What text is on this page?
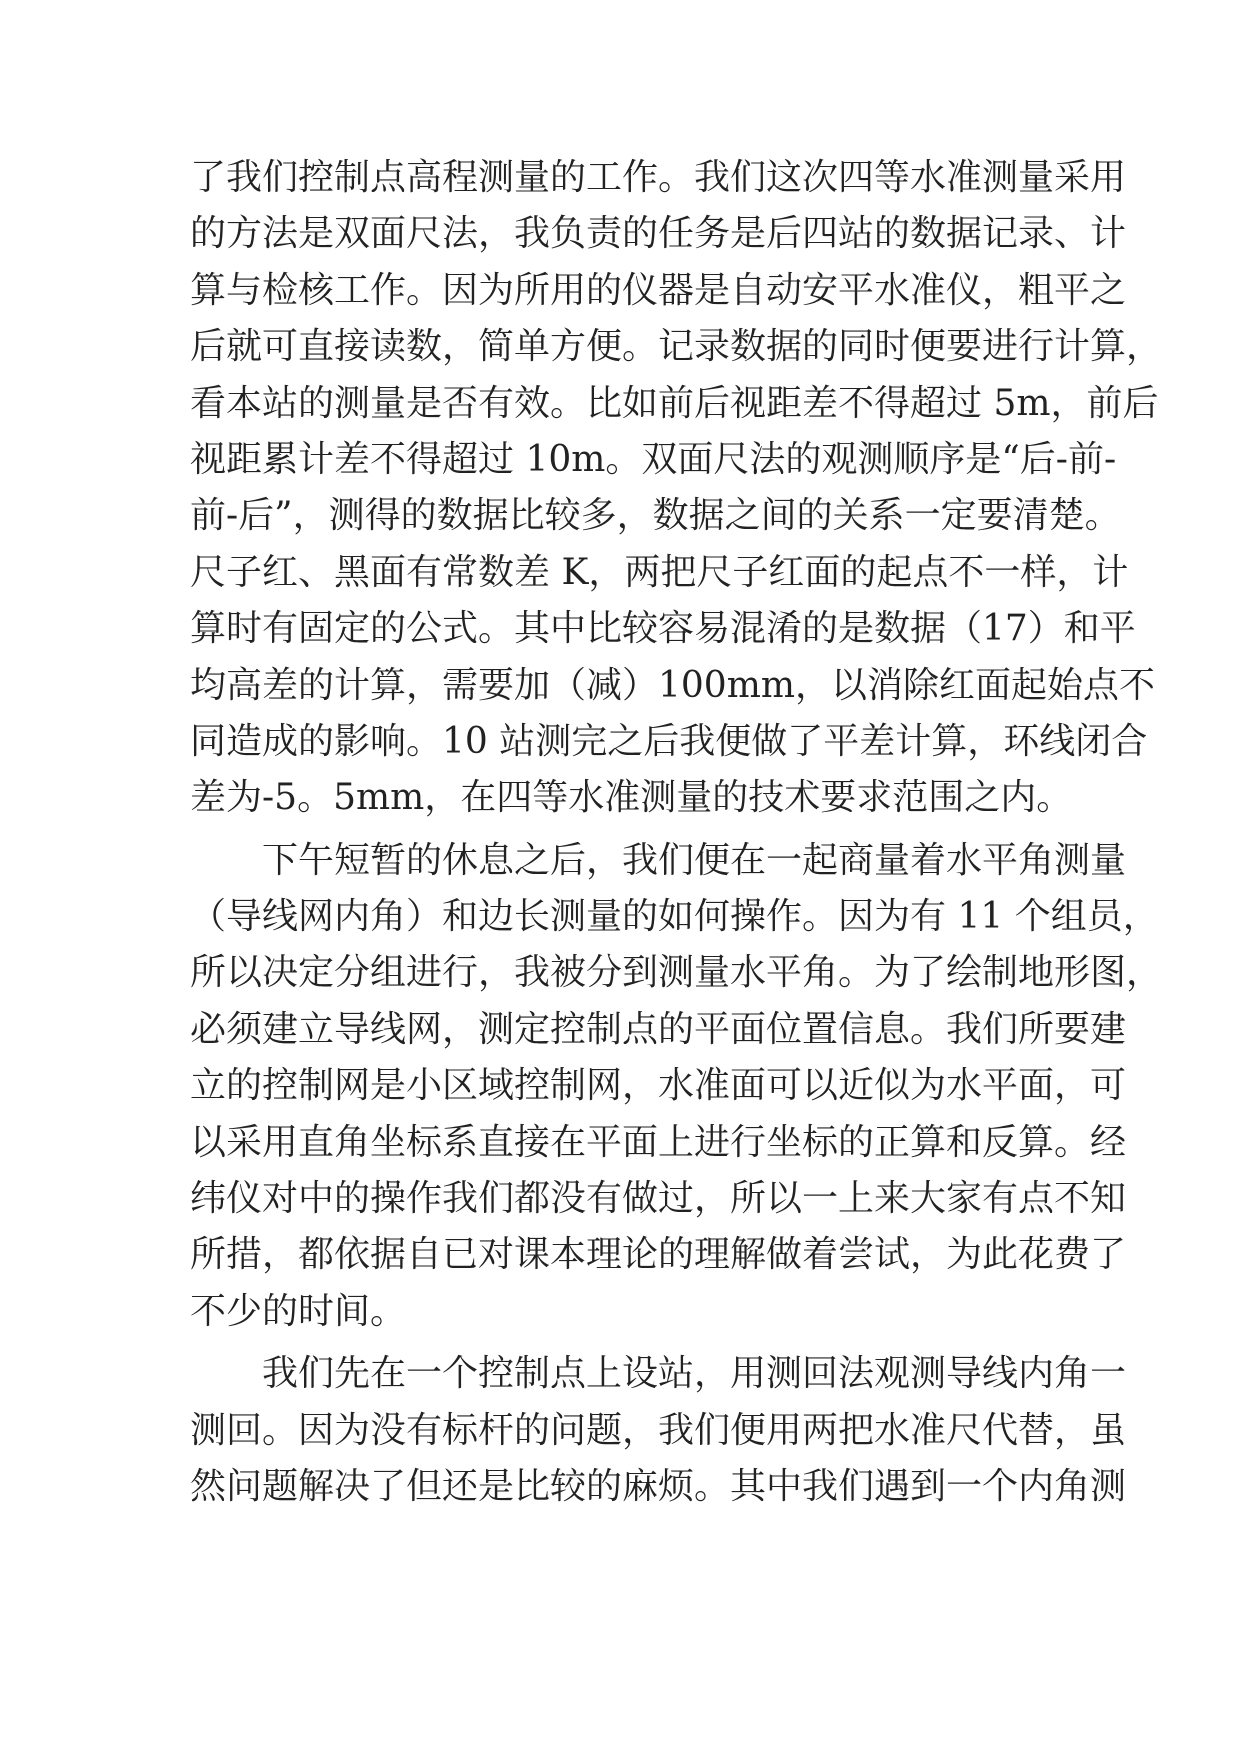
了我们控制点高程测量的工作。我们这次四等水准测量采用
的方法是双面尺法，我负责的任务是后四站的数据记录、计
算与检核工作。因为所用的仪器是自动安平水准仪，粗平之
后就可直接读数，简单方便。记录数据的同时便要进行计算，
看本站的测量是否有效。比如前后视距差不得超过 5m，前后
视距累计差不得超过 10m。双面尺法的观测顺序是“后-前-
前-后”，测得的数据比较多，数据之间的关系一定要清楚。
尺子红、黑面有常数差 K，两把尺子红面的起点不一样，计
算时有固定的公式。其中比较容易混淆的是数据（17）和平
均高差的计算，需要加（减）100mm，以消除红面起始点不
同造成的影响。10 站测完之后我便做了平差计算，环线闭合
差为-5。5mm，在四等水准测量的技术要求范围之内。
下午短暂的休息之后，我们便在一起商量着水平角测量
（导线网内角）和边长测量的如何操作。因为有 11 个组员，
所以决定分组进行，我被分到测量水平角。为了绘制地形图，
必须建立导线网，测定控制点的平面位置信息。我们所要建
立的控制网是小区域控制网，水准面可以近似为水平面，可
以采用直角坐标系直接在平面上进行坐标的正算和反算。经
纬仪对中的操作我们都没有做过，所以一上来大家有点不知
所措，都依据自已对课本理论的理解做着尝试，为此花费了
不少的时间。
我们先在一个控制点上设站，用测回法观测导线内角一
测回。因为没有标杆的问题，我们便用两把水准尺代替，虽
然问题解决了但还是比较的麻烦。其中我们遇到一个内角测
